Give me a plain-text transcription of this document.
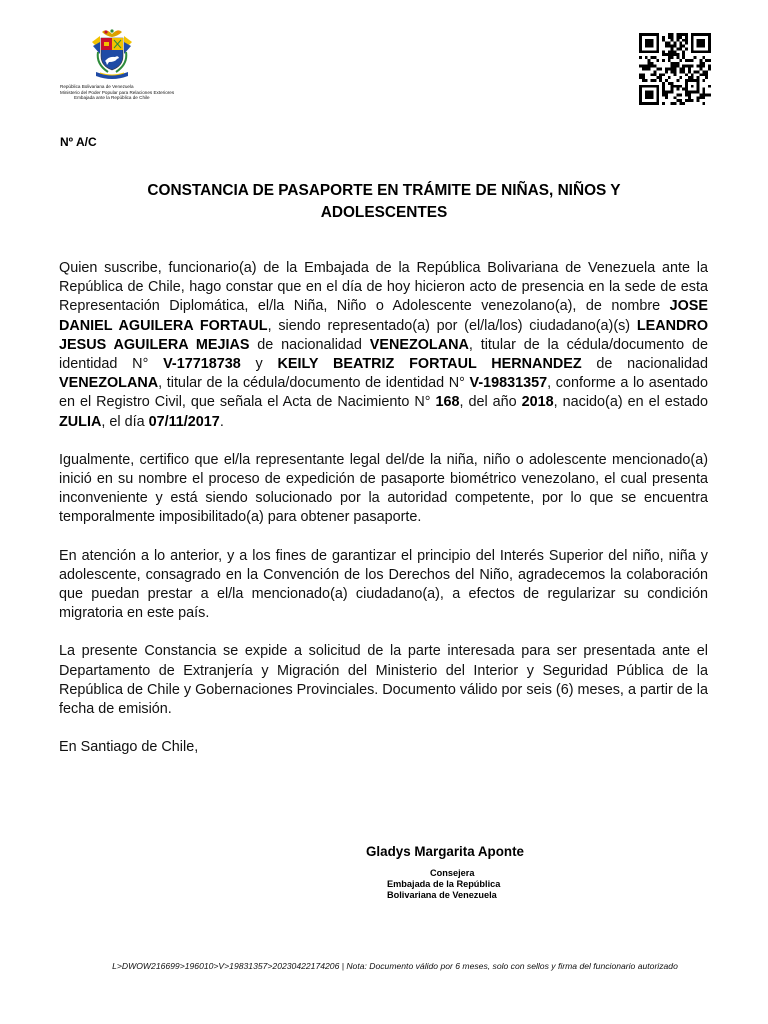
República Bolivariana de Venezuela
Ministerio del Poder Popular para Relaciones Exteriores
Embajada ante la República de Chile
Nº A/C
CONSTANCIA DE PASAPORTE EN TRÁMITE DE NIÑAS, NIÑOS Y
ADOLESCENTES

Quien suscribe, funcionario(a) de la Embajada de la República Bolivariana de Venezuela ante la República de Chile, hago constar que en el día de hoy hicieron acto de presencia en la sede de esta Representación Diplomática, el/la Niña, Niño o Adolescente venezolano(a), de nombre JOSE DANIEL AGUILERA FORTAUL, siendo representado(a) por (el/la/los) ciudadano(a)(s) LEANDRO JESUS AGUILERA MEJIAS de nacionalidad VENEZOLANA, titular de la cédula/documento de identidad N° V-17718738 y KEILY BEATRIZ FORTAUL HERNANDEZ de nacionalidad VENEZOLANA, titular de la cédula/documento de identidad N° V-19831357, conforme a lo asentado en el Registro Civil, que señala el Acta de Nacimiento N° 168, del año 2018, nacido(a) en el estado ZULIA, el día 07/11/2017.

Igualmente, certifico que el/la representante legal del/de la niña, niño o adolescente mencionado(a) inició en su nombre el proceso de expedición de pasaporte biométrico venezolano, el cual presenta inconveniente y está siendo solucionado por la autoridad competente, por lo que se encuentra temporalmente imposibilitado(a) para obtener pasaporte.

En atención a lo anterior, y a los fines de garantizar el principio del Interés Superior del niño, niña y adolescente, consagrado en la Convención de los Derechos del Niño, agradecemos la colaboración que puedan prestar a el/la mencionado(a) ciudadano(a), a efectos de regularizar su condición migratoria en este país.

La presente Constancia se expide a solicitud de la parte interesada para ser presentada ante el Departamento de Extranjería y Migración del Ministerio del Interior y Seguridad Pública de la República de Chile y Gobernaciones Provinciales. Documento válido por seis (6) meses, a partir de la fecha de emisión.

En Santiago de Chile,

Gladys Margarita Aponte
Consejera
Embajada de la República
Bolivariana de Venezuela
L>DWOW216699>196010>V>19831357>20230422174206 | Nota: Documento válido por 6 meses, solo con sellos y firma del funcionario autorizado
